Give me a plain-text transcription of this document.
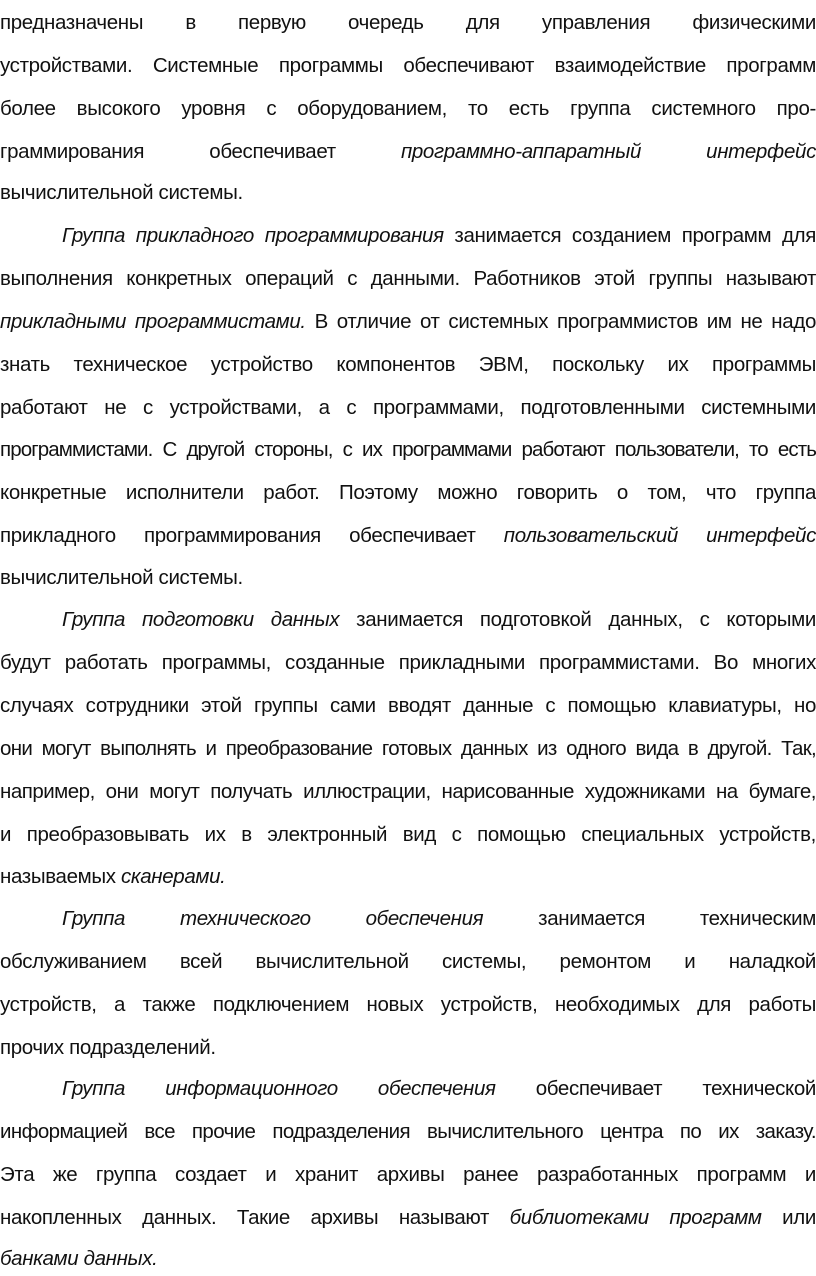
предназначены в первую очередь для управления физическими
устройствами. Системные программы обеспечивают взаимодействие программ
более высокого уровня с оборудованием, то есть группа системного про-
граммирования обеспечивает программно-аппаратный интерфейс
вычислительной системы.
Группа прикладного программирования занимается созданием программ для
выполнения конкретных операций с данными. Работников этой группы называют
прикладными программистами. В отличие от системных программистов им не надо
знать техническое устройство компонентов ЭВМ, поскольку их программы
работают не с устройствами, а с программами, подготовленными системными
программистами. С другой стороны, с их программами работают пользователи, то есть
конкретные исполнители работ. Поэтому можно говорить о том, что группа
прикладного программирования обеспечивает пользовательский интерфейс
вычислительной системы.
Группа подготовки данных занимается подготовкой данных, с которыми
будут работать программы, созданные прикладными программистами. Во многих
случаях сотрудники этой группы сами вводят данные с помощью клавиатуры, но
они могут выполнять и преобразование готовых данных из одного вида в другой. Так,
например, они могут получать иллюстрации, нарисованные художниками на бумаге,
и преобразовывать их в электронный вид с помощью специальных устройств,
называемых сканерами.
Группа технического обеспечения занимается техническим
обслуживанием всей вычислительной системы, ремонтом и наладкой
устройств, а также подключением новых устройств, необходимых для работы
прочих подразделений.
Группа информационного обеспечения обеспечивает технической
информацией все прочие подразделения вычислительного центра по их заказу.
Эта же группа создает и хранит архивы ранее разработанных программ и
накопленных данных. Такие архивы называют библиотеками программ или
банками данных.
